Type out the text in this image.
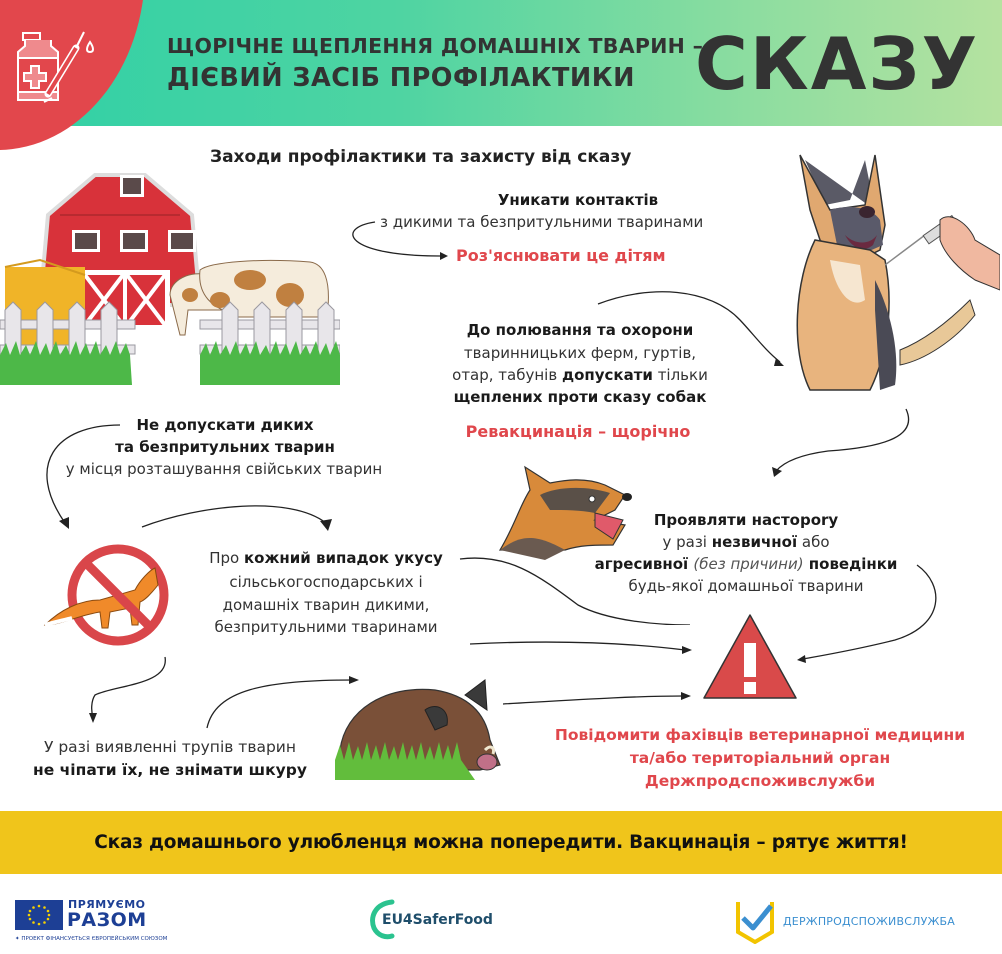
ЩОРІЧНЕ ЩЕПЛЕННЯ ДОМАШНІХ ТВАРИН –
ДІЄВИЙ ЗАСІБ ПРОФІЛАКТИКИ СКАЗУ
Заходи профілактики та захисту від сказу
Уникати контактів
з дикими та безпритульними тваринами
Роз'яснювати це дітям
До полювання та охорони
тваринницьких ферм, гуртів,
отар, табунів допускати тільки
щеплених проти сказу собак
Ревакцинація – щорічно
Не допускати диких
та безпритульних тварин
у місця розташування свійських тварин
Про кожний випадок укусу
сільськогосподарських і
домашніх тварин дикими,
безпритульними тваринами
Проявляти настороrу
у разі незвичної або
агресивної (без причини) поведінки
будь-якої домашньої тварини
У разі виявленні трупів тварин
не чіпати їх, не знімати шкуру
Повідомити фахівців ветеринарної медицини
та/або територіальний орган
Держпродспоживслужби
Сказ домашнього улюбленця можна попередити. Вакцинація – рятує життя!
ПРЯМУЄМО
РАЗОМ
✦ ПРОЕКТ ФІНАНСУЄТЬСЯ ЄВРОПЕЙСЬКИМ СОЮЗОМ
EU4SaferFood	ДЕРЖПРОДСПОЖИВСЛУЖБА
